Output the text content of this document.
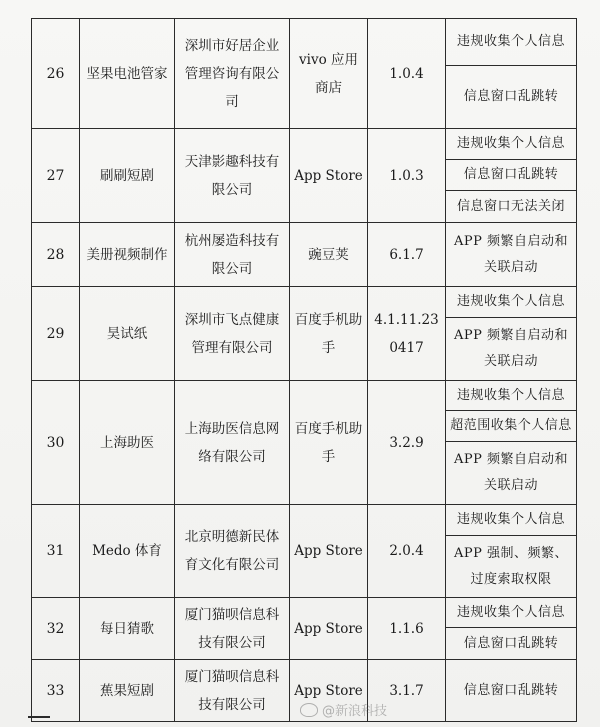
26	坚果电池管家	深圳市好居企业管理咨询有限公司	vivo 应用商店	1.0.4	违规收集个人信息
					信息窗口乱跳转
27	刷刷短剧	天津影趣科技有限公司	App Store	1.0.3	违规收集个人信息
					信息窗口乱跳转
					信息窗口无法关闭
28	美册视频制作	杭州屡造科技有限公司	豌豆荚	6.1.7	APP 频繁自启动和关联启动
29	昊试纸	深圳市飞点健康管理有限公司	百度手机助手	4.1.11.230417	违规收集个人信息
					APP 频繁自启动和关联启动
30	上海助医	上海助医信息网络有限公司	百度手机助手	3.2.9	违规收集个人信息
					超范围收集个人信息
					APP 频繁自启动和关联启动
31	Medo 体育	北京明德新民体育文化有限公司	App Store	2.0.4	违规收集个人信息
					APP 强制、频繁、过度索取权限
32	每日猜歌	厦门猫呗信息科技有限公司	App Store	1.1.6	违规收集个人信息
					信息窗口乱跳转
33	蕉果短剧	厦门猫呗信息科技有限公司	App Store	3.1.7	信息窗口乱跳转
@新浪科技
